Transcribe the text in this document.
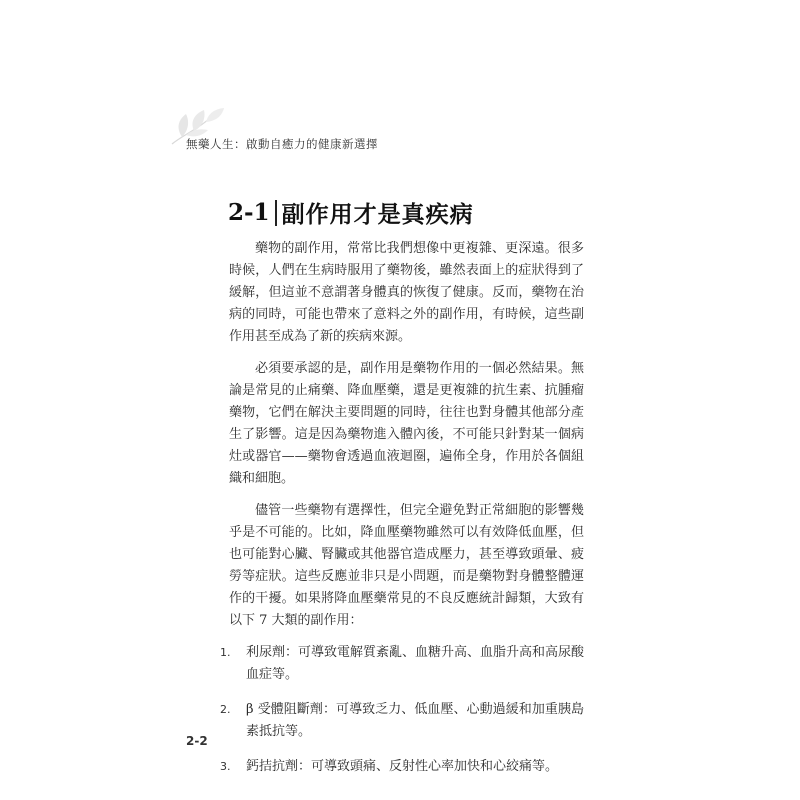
無藥人生：啟動自癒力的健康新選擇
2-1 副作用才是真疾病

藥物的副作用，常常比我們想像中更複雜、更深遠。很多時候，人們在生病時服用了藥物後，雖然表面上的症狀得到了緩解，但這並不意謂著身體真的恢復了健康。反而，藥物在治病的同時，可能也帶來了意料之外的副作用，有時候，這些副作用甚至成為了新的疾病來源。

必須要承認的是，副作用是藥物作用的一個必然結果。無論是常見的止痛藥、降血壓藥，還是更複雜的抗生素、抗腫瘤藥物，它們在解決主要問題的同時，往往也對身體其他部分產生了影響。這是因為藥物進入體內後，不可能只針對某一個病灶或器官——藥物會透過血液迴圈，遍佈全身，作用於各個組織和細胞。

儘管一些藥物有選擇性，但完全避免對正常細胞的影響幾乎是不可能的。比如，降血壓藥物雖然可以有效降低血壓，但也可能對心臟、腎臟或其他器官造成壓力，甚至導致頭暈、疲勞等症狀。這些反應並非只是小問題，而是藥物對身體整體運作的干擾。如果將降血壓藥常見的不良反應統計歸類，大致有以下 7 大類的副作用：

1.	利尿劑：可導致電解質紊亂、血糖升高、血脂升高和高尿酸血症等。
2.	β 受體阻斷劑：可導致乏力、低血壓、心動過緩和加重胰島素抵抗等。
3.	鈣拮抗劑：可導致頭痛、反射性心率加快和心絞痛等。
2-2
